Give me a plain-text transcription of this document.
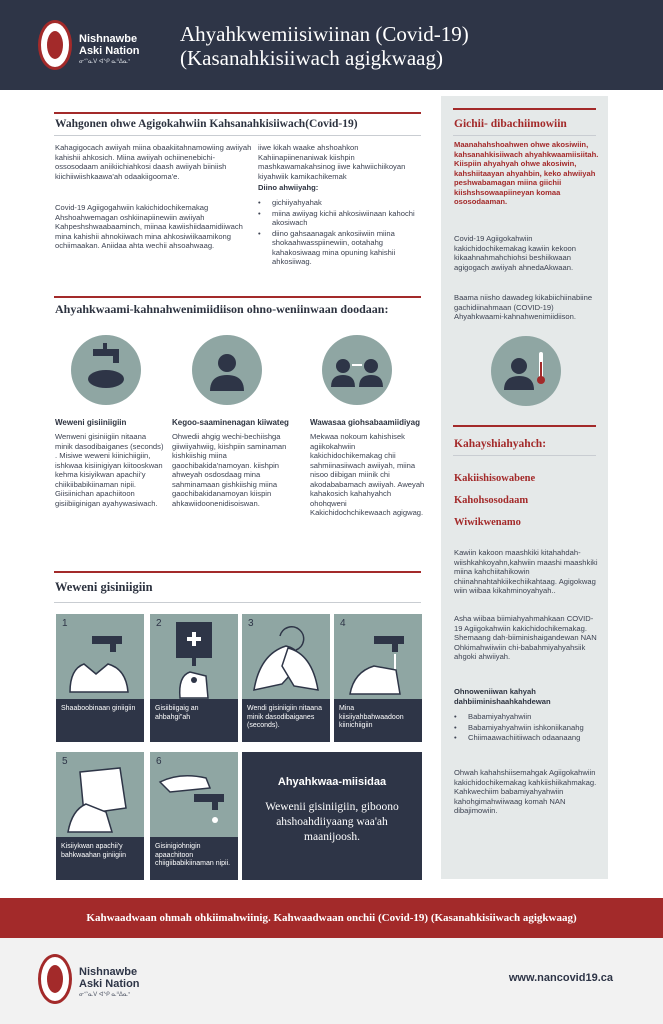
Nishnawbe
Aski Nation
ᓂᔥᓇᐯ ᐊᔅᑭ ᓇᐦᐃᓇᐤ
Ahyahkwemiisiwiinan (Covid-19)
(Kasanahkisiiwach agigkwaag)
Wahgonen ohwe Agigokahwiin Kahsanahkisiiwach(Covid-19)
Kahagigocach awiiyah miina obaakiitahnamowiing awiiyah kahishii ahkosich. Miina awiiyah ochiinenebichi-ossosodaam aniikiichiahkosi daash awiiyah biiniish kiichiiwiishkaawa'ah odaakiigooma'e.
Covid-19 Agiigogahwiin kakichidochikemakag Ahshoahwemagan oshkiinapiinewiin awiiyah Kahpeshshwaabaaminch, miinaa kawiishiidaamidiiwach mina kahishii ahnokiiwach mina ahkosiwiikaamikong ochiimaakan. Aniidaa ahta wechii ahsoahwaag.
iiwe kikah waake ahshoahkon Kahiinapiinenaniwak kiishpin mashkawamakahsinog iiwe kahwiichiikoyan kiyahwiik kamikachikemak
Diino ahwiiyahg:
• gichiiyahyahak
• miina awiiyag kichii ahkosiwiinaan kahochi akosiwach
• diino gahsaanagak ankosiiwiin miina shokaahwasspiinewiin, ootahahg kahakosiwaag mina opuning kahishii ahkosiiwag.
Ahyahkwaami-kahnahwenimiidiison ohno-weniinwaan doodaan:
Weweni gisiiniigiin
Wenweni gisiniigiin nitaana minik dasodibaiganes (seconds) . Misiwe weweni kiinichiigiin, ishkwaa kisiinigiyan kiitooskwan kehma kisiyikwan apachii'y chiikiibabikiinaman nipii. Giisiinichan apachiitoon gisiibiiginigan ayahywasiwach.
Kegoo-saaminenagan kiiwateg
Ohwedii ahgig wechi-bechiishga giiwiiyahwiig, kiishpiin saminaman kishkiishig miina gaochibakida'namoyan. kiishpin ahweyah osdosdaag mina sahminamaan gishkiishig miina gaochibakidanamoyan kiispin ahkawiidoonenidisoiswan.
Wawasaa giohsabaamiidiyag
Mekwaa nokoum kahishisek agiikokahwiin kakichidochikemakag chii sahmiinasiiwach awiiyah, miina nisoo diibigan miinik chi akodababamach awiiyah. Aweyah kahakosich kahahyahch ohohqweni Kakichidochchikewaach agigwag.
Weweni gisiniigiin
1
Shaaboobinaan giniigiin
2
Gisiibiigaig an ahbahgi"ah
3
Wendi gisiniigiin nitaana minik dasodibaiganes (seconds).
4
Mina kiisiiyahbahwaadoon kiinichiigiin
5
Kisiiykwan apachii'y bahkwaahan giniigiin
6
Gisinigiohnigin apaachitoon chiigiibabikiinaman nipii.
Ahyahkwaa-miisidaa
Wewenii gisiniigiin, giboono ahshoahdiiyaang waa'ah maanijoosh.
Gichii- dibachiimowiin
Maanahahshoahwen ohwe akosiwiin, kahsanahkisiiwach ahyahkwaamiisiitah. Kiispiin ahyahyah ohwe akosiwin, kahshiitaayan ahyahbin, keko ahwiiyah peshwabamagan miina giichii kiishshsowaapiineyan komaa ososodaaman.
Covid-19 Agiigokahwiin kakichidochikemakag kawiin kekoon kikaahnahmahchiohsi beshiikwaan agigogach awiiyah ahnedaAkwaan.
Baama niisho dawadeg kikabiichiinabiine gachidiinahmaan (COVID-19) Ahyahkwaami-kahnahwenimiidiison.
Kahayshiahyahch:
Kakiishisowabene
Kahohsosodaam
Wiwikwenamo
Kawiin kakoon maashkiki kitahahdah-wiishkahkoyahn,kahwiin maashi maashkiki miina kahchiitahikowin chiinahnahtahkiikechiikahtaag. Agigokwag wiin wiibaa kikahminoyahyah..
Asha wiibaa biimiahyahmahkaan COVID-19 Agiigokahwiin kakichidochikemakag. Shemaang dah-biiminishaigandewan NAN Ohkimahwiiwiin chi-babahmiyahyahsiik ahgoki ahwiiyah.
Ohnoweniiwan kahyah dahbiiminishaahkahdewan
• Babamiyahyahwiin
• Babamiyahyahwiin ishkoniikanahg
• Chiimaawachiitiiwach odaanaang
Ohwah kahahshiisemahgak Agiigokahwiin kakichidochikemakag kahkiishiikahmakag. Kahkwechiim babamiyahyahwiin kahohgimahwiiwaag komah NAN dibajimowiin.
Kahwaadwaan ohmah ohkiimahwiinig. Kahwaadwaan onchii (Covid-19) (Kasanahkisiiwach agigkwaag)
Nishnawbe
Aski Nation
ᓂᔥᓇᐯ ᐊᔅᑭ ᓇᐦᐃᓇᐤ
www.nancovid19.ca
